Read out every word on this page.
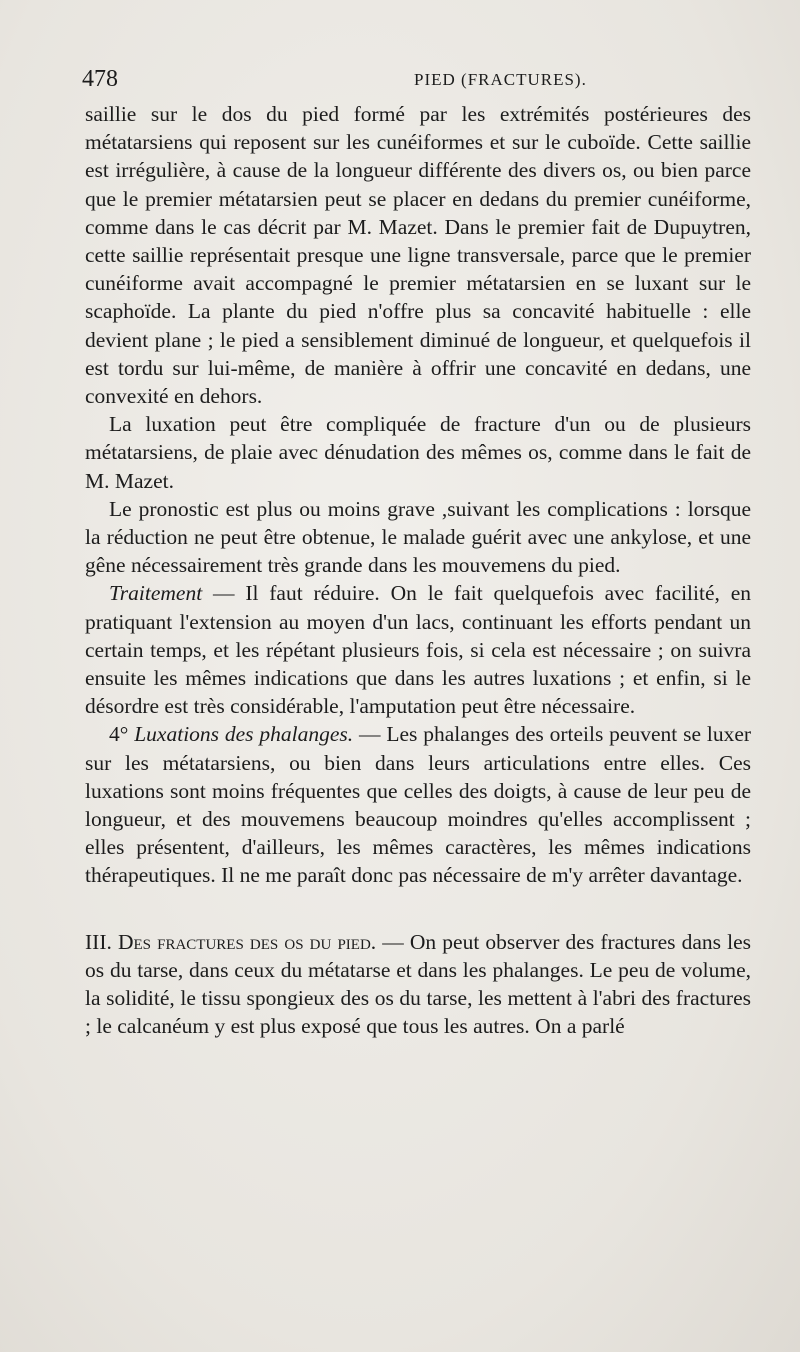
478	PIED (FRACTURES).

saillie sur le dos du pied formé par les extrémités postérieures des métatarsiens qui reposent sur les cunéiformes et sur le cuboïde. Cette saillie est irrégulière, à cause de la longueur différente des divers os, ou bien parce que le premier métatarsien peut se placer en dedans du premier cunéiforme, comme dans le cas décrit par M. Mazet. Dans le premier fait de Dupuytren, cette saillie représentait presque une ligne transversale, parce que le premier cunéiforme avait accompagné le premier métatarsien en se luxant sur le scaphoïde. La plante du pied n'offre plus sa concavité habituelle : elle devient plane ; le pied a sensiblement diminué de longueur, et quelquefois il est tordu sur lui-même, de manière à offrir une concavité en dedans, une convexité en dehors.

La luxation peut être compliquée de fracture d'un ou de plusieurs métatarsiens, de plaie avec dénudation des mêmes os, comme dans le fait de M. Mazet.

Le pronostic est plus ou moins grave ,suivant les complications : lorsque la réduction ne peut être obtenue, le malade guérit avec une ankylose, et une gêne nécessairement très grande dans les mouvemens du pied.

Traitement — Il faut réduire. On le fait quelquefois avec facilité, en pratiquant l'extension au moyen d'un lacs, continuant les efforts pendant un certain temps, et les répétant plusieurs fois, si cela est nécessaire ; on suivra ensuite les mêmes indications que dans les autres luxations ; et enfin, si le désordre est très considérable, l'amputation peut être nécessaire.

4° Luxations des phalanges. — Les phalanges des orteils peuvent se luxer sur les métatarsiens, ou bien dans leurs articulations entre elles. Ces luxations sont moins fréquentes que celles des doigts, à cause de leur peu de longueur, et des mouvemens beaucoup moindres qu'elles accomplissent ; elles présentent, d'ailleurs, les mêmes caractères, les mêmes indications thérapeutiques. Il ne me paraît donc pas nécessaire de m'y arrêter davantage.

III. Des fractures des os du pied. — On peut observer des fractures dans les os du tarse, dans ceux du métatarse et dans les phalanges. Le peu de volume, la solidité, le tissu spongieux des os du tarse, les mettent à l'abri des fractures ; le calcanéum y est plus exposé que tous les autres. On a parlé
